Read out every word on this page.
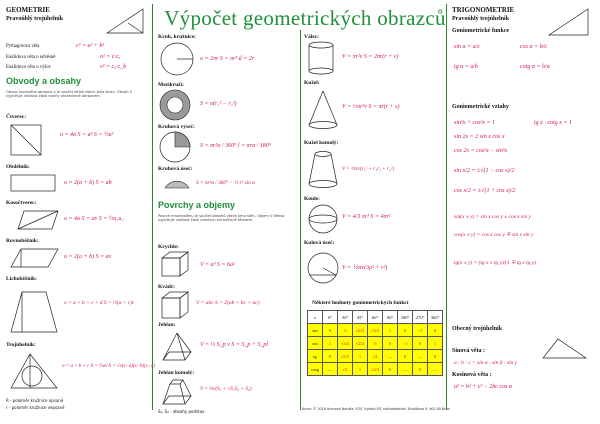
Výpočet geometrických obrazců
GEOMETRIE
Pravoúhlý trojúhelník
Pythagorova věta	c² = a² + b²
Euklidova věta o odvěsně	a² = c·cₐ
Euklidova věta o výšce	v² = cₐ·c_b
Obvody a obsahy
Obvod rovinného obrazce o je součet délek všech jeho stran. Obsah S vyjadřuje velikost části roviny ohraničené obrazcem.
Čtverec:
o = 4a S = a² S = ½u²
Obdélník:
o = 2(a + b) S = ab
Kosočtverec:
o = 4a S = av S = ½u₁u₂
Rovnoběžník:
o = 2(a + b) S = av
Lichoběžník:
o = a + b + c + d S = ½(a + c)v
Trojúhelník:
o = a + b + c S = ½av S = √s(s−a)(s−b)(s−c)
R - poloměr kružnice opsané
r - poloměr kružnice vepsané
Kruh, kružnice:
o = 2πr S = πr² d = 2r
Mezikruží:
S = π(r₁² − r₂²)
Kruhová výseč:
S = πr²α / 360° l = πrα / 180°
Kruhová úseč:
S = πr²α / 360° − ½ r² sin α
Povrchy a objemy
Povrch mnohostěnu je součet obsahů všech jeho stěn. Objem V tělesa vyjadřuje velikost části prostoru ohraničené tělesem.
Krychle:
V = a³ S = 6a²
Kvádr:
V = abc S = 2(ab + bc + ac)
Jehlan:
V = ⅓ S_p v S = S_p + S_pl
Jehlan komolý:
V = ⅓v(S₁ + √S₁S₂ + S₂)
S₁, S₂ - obsahy podstav
Válec:
V = πr²v S = 2πr(r + v)
Kužel:
V = ⅓πr²v S = πr(r + s)
Kužel komolý:
V = ⅓πv(r₁² + r₁r₂ + r₂²)
Koule:
V = 4/3 πr³ S = 4πr²
Kulová úseč:
V = ⅙πv(3ρ² + v²)
Některé hodnoty goniometrických funkcí
x	0°	30°	45°	60°	90°	180°	270°	360°
sin	0	½	√2/2	√3/2	1	0	−1	0
cos	1	√3/2	√2/2	½	0	−1	0	1
tg	0	√3/3	1	√3	—	0	—	0
cotg	—	√3	1	√3/3	0	—	0	—
Autor: © 2016 Hronová Nataša, SOŠ, Vydalo SIC nakladatelství, Brožíkova 9, 602 00 Brno
TRIGONOMETRIE
Pravoúhlý trojúhelník
Goniometrické funkce
sin α = a/c	cos α = b/c
tg α = a/b	cotg α = b/a
Goniometrické vztahy
sin²x + cos²x = 1	tg x · cotg x = 1
sin 2x = 2 sin x cos x
cos 2x = cos²x − sin²x
sin x/2 = ±√(1 − cos x)/2
cos x/2 = ±√(1 + cos x)/2
sin(x ± y) = sin x cos y ± cos x sin y
cos(x ± y) = cos x cos y ∓ sin x sin y
tg(x ± y) = (tg x ± tg y)/(1 ∓ tg x tg y)
Obecný trojúhelník
Sinová věta :
a : b : c = sin α : sin β : sin γ
Kosinová věta :
a² = b² + c² − 2bc cos α
